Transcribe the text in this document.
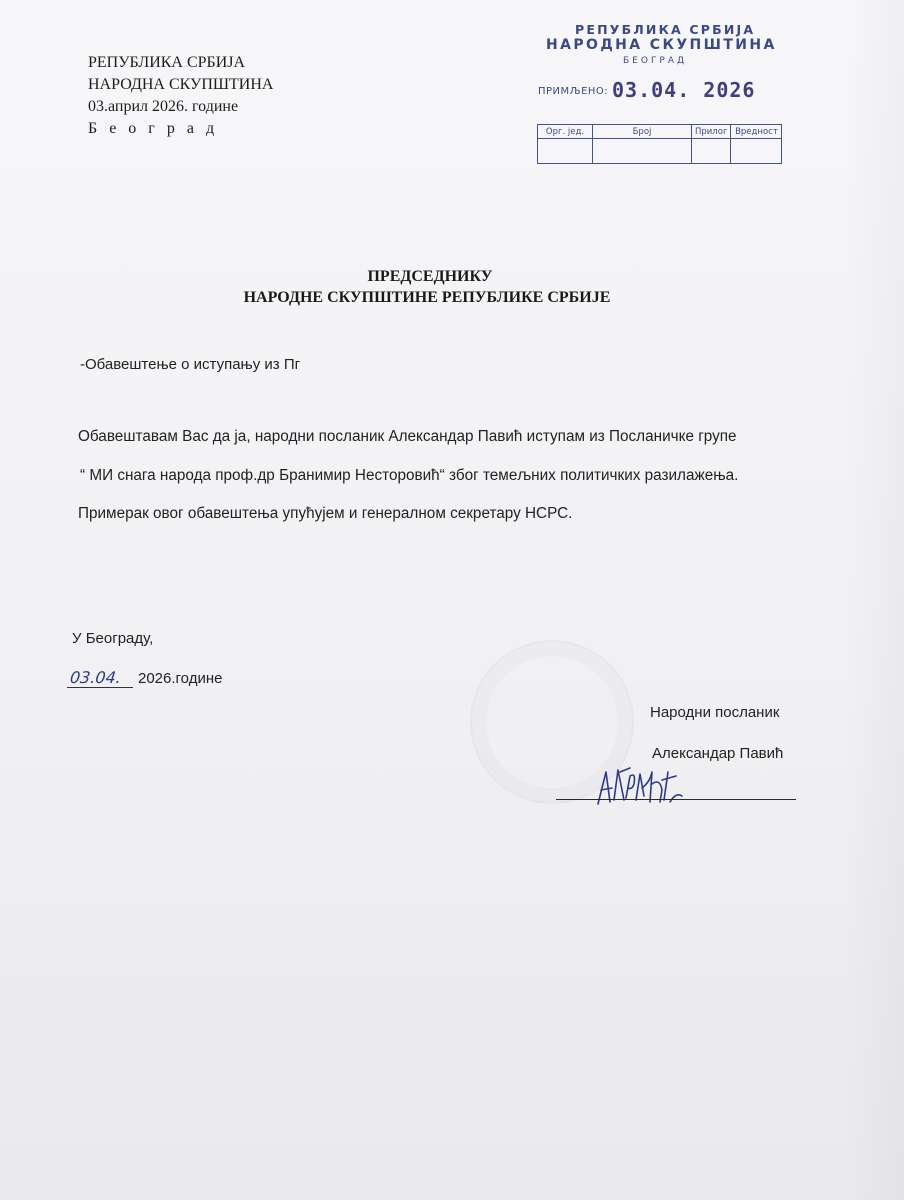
РЕПУБЛИКА СРБИЈА
НАРОДНА СКУПШТИНА
03.април 2026. године
Б е о г р а д
РЕПУБЛИКА СРБИЈА
НАРОДНА СКУПШТИНА
БЕОГРАД
ПРИМЉЕНО: 03.04. 2026
Орг. јед.	Број	Прилог	Вредност

ПРЕДСЕДНИКУ
НАРОДНЕ СКУПШТИНЕ РЕПУБЛИКЕ СРБИЈЕ
-Обавештење о иступању из Пг
Обавештавам Вас да ја, народни посланик Александар Павић иступам из Посланичке групе
“ МИ снага народа проф.др Бранимир Несторовић“ због темељних политичких разилажења.
Примерак овог обавештења упућујем и генералном секретару НСРС.
У Београду,
03.04. 2026.године
Народни посланик
Александар Павић
